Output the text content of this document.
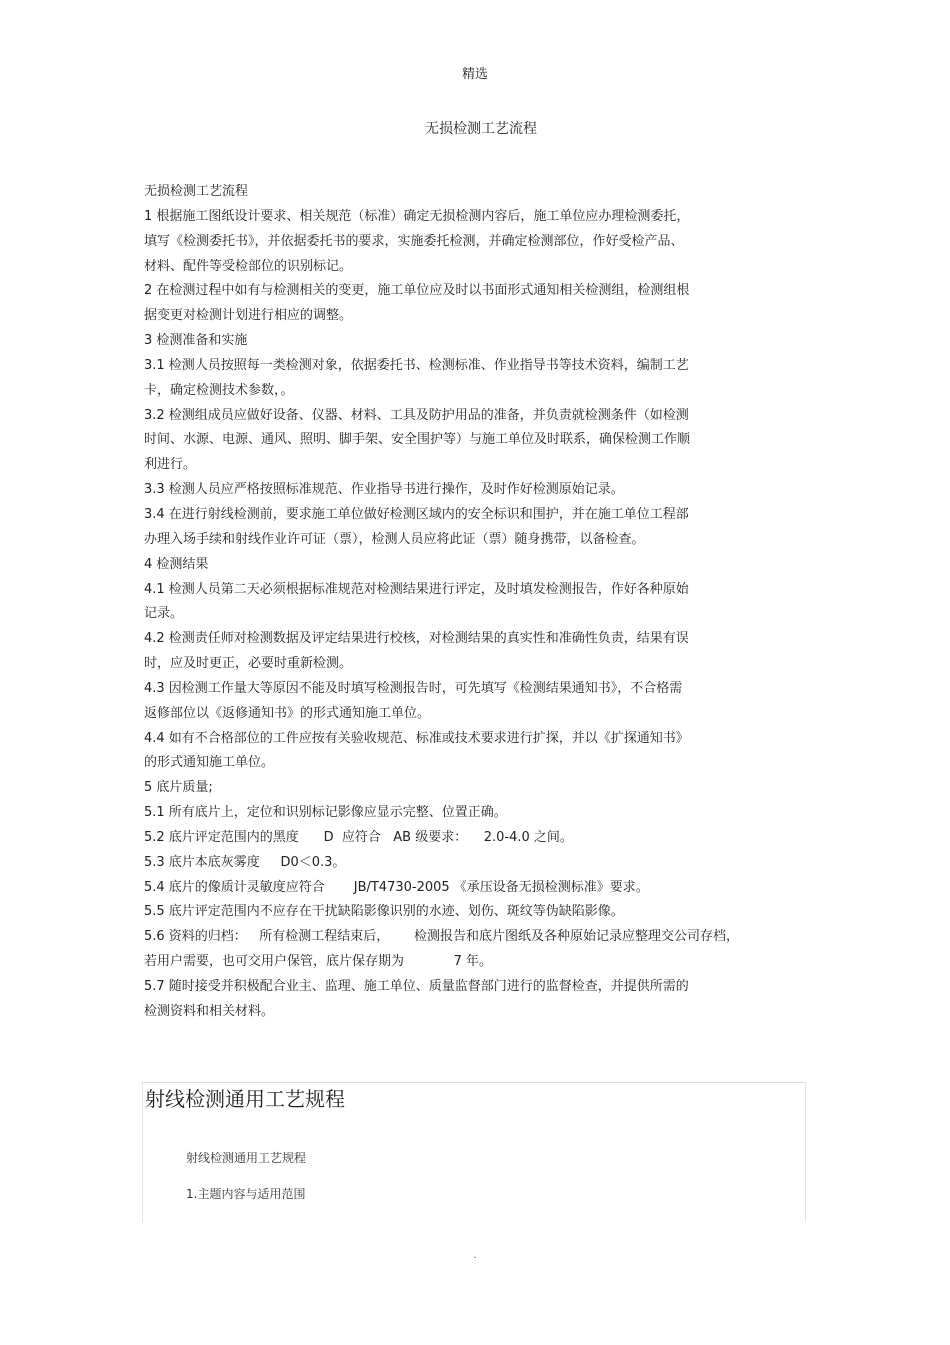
精选
无损检测工艺流程
无损检测工艺流程
1 根据施工图纸设计要求、相关规范（标准）确定无损检测内容后，施工单位应办理检测委托，
填写《检测委托书》，并依据委托书的要求，实施委托检测，并确定检测部位，作好受检产品、
材料、配件等受检部位的识别标记。
2 在检测过程中如有与检测相关的变更，施工单位应及时以书面形式通知相关检测组，检测组根
据变更对检测计划进行相应的调整。
3 检测准备和实施
3.1 检测人员按照每一类检测对象，依据委托书、检测标准、作业指导书等技术资料，编制工艺
卡，确定检测技术参数，。
3.2 检测组成员应做好设备、仪器、材料、工具及防护用品的准备，并负责就检测条件（如检测
时间、水源、电源、通风、照明、脚手架、安全围护等）与施工单位及时联系，确保检测工作顺
利进行。
3.3 检测人员应严格按照标准规范、作业指导书进行操作，及时作好检测原始记录。
3.4 在进行射线检测前，要求施工单位做好检测区域内的安全标识和围护，并在施工单位工程部
办理入场手续和射线作业许可证（票），检测人员应将此证（票）随身携带，以备检查。
4 检测结果
4.1 检测人员第二天必须根据标准规范对检测结果进行评定，及时填发检测报告，作好各种原始
记录。
4.2 检测责任师对检测数据及评定结果进行校核，对检测结果的真实性和准确性负责，结果有误
时，应及时更正，必要时重新检测。
4.3 因检测工作量大等原因不能及时填写检测报告时，可先填写《检测结果通知书》，不合格需
返修部位以《返修通知书》的形式通知施工单位。
4.4 如有不合格部位的工件应按有关验收规范、标准或技术要求进行扩探，并以《扩探通知书》
的形式通知施工单位。
5 底片质量;
5.1 所有底片上，定位和识别标记影像应显示完整、位置正确。
5.2 底片评定范围内的黑度      D  应符合   AB 级要求：    2.0-4.0 之间。
5.3 底片本底灰雾度     D0＜0.3。
5.4 底片的像质计灵敏度应符合       JB/T4730-2005 《承压设备无损检测标准》要求。
5.5 底片评定范围内不应存在干扰缺陷影像识别的水迹、划伤、斑纹等伪缺陷影像。
5.6 资料的归档：   所有检测工程结束后，      检测报告和底片图纸及各种原始记录应整理交公司存档，
若用户需要，也可交用户保管，底片保存期为            7 年。
5.7 随时接受并积极配合业主、监理、施工单位、质量监督部门进行的监督检查，并提供所需的
检测资料和相关材料。
射线检测通用工艺规程
射线检测通用工艺规程
1.主题内容与适用范围
.
